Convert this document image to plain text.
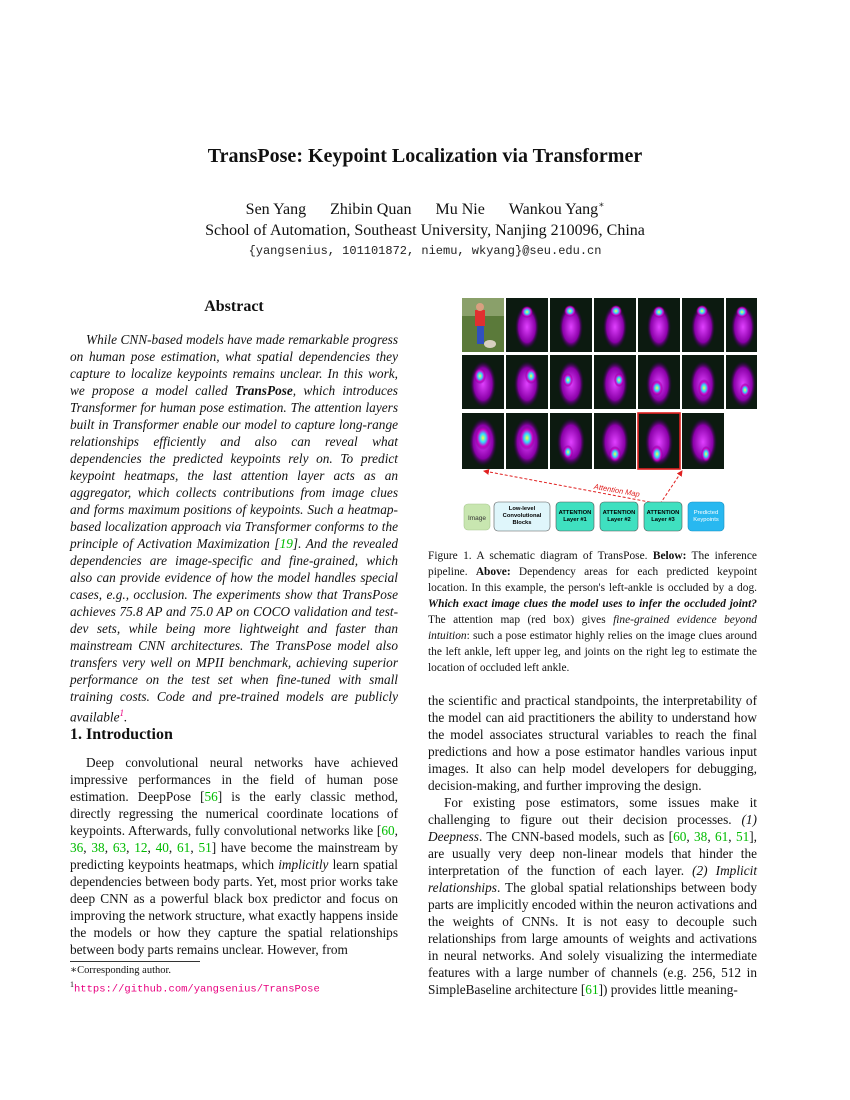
TransPose: Keypoint Localization via Transformer
Sen Yang Zhibin Quan Mu Nie Wankou Yang∗
School of Automation, Southeast University, Nanjing 210096, China
{yangsenius, 101101872, niemu, wkyang}@seu.edu.cn
Abstract

While CNN-based models have made remarkable progress on human pose estimation, what spatial dependencies they capture to localize keypoints remains unclear. In this work, we propose a model called TransPose, which introduces Transformer for human pose estimation. The attention layers built in Transformer enable our model to capture long-range relationships efficiently and also can reveal what dependencies the predicted keypoints rely on. To predict keypoint heatmaps, the last attention layer acts as an aggregator, which collects contributions from image clues and forms maximum positions of keypoints. Such a heatmap-based localization approach via Transformer conforms to the principle of Activation Maximization [19]. And the revealed dependencies are image-specific and fine-grained, which also can provide evidence of how the model handles special cases, e.g., occlusion. The experiments show that TransPose achieves 75.8 AP and 75.0 AP on COCO validation and test-dev sets, while being more lightweight and faster than mainstream CNN architectures. The TransPose model also transfers very well on MPII benchmark, achieving superior performance on the test set when fine-tuned with small training costs. Code and pre-trained models are publicly available$^1$.

1. Introduction

Deep convolutional neural networks have achieved impressive performances in the field of human pose estimation. DeepPose [56] is the early classic method, directly regressing the numerical coordinate locations of keypoints. Afterwards, fully convolutional networks like [60, 36, 38, 63, 12, 40, 61, 51] have become the mainstream by predicting keypoints heatmaps, which implicitly learn spatial dependencies between body parts. Yet, most prior works take deep CNN as a powerful black box predictor and focus on improving the network structure, what exactly happens inside the models or how they capture the spatial relationships between body parts remains unclear. However, from

∗Corresponding author.
$^1$https://github.com/yangsenius/TransPose
Attention Map
Image
Low-level
Convolutional
Blocks
ATTENTION
Layer #1
ATTENTION
Layer #2
ATTENTION
Layer #3
Predicted
Keypoints
Figure 1. A schematic diagram of TransPose. Below: The inference pipeline. Above: Dependency areas for each predicted keypoint location. In this example, the person's left-ankle is occluded by a dog. Which exact image clues the model uses to infer the occluded joint? The attention map (red box) gives fine-grained evidence beyond intuition: such a pose estimator highly relies on the image clues around the left ankle, left upper leg, and joints on the right leg to estimate the location of occluded left ankle.

the scientific and practical standpoints, the interpretability of the model can aid practitioners the ability to understand how the model associates structural variables to reach the final predictions and how a pose estimator handles various input images. It also can help model developers for debugging, decision-making, and further improving the design.

For existing pose estimators, some issues make it challenging to figure out their decision processes. (1) Deepness. The CNN-based models, such as [60, 38, 61, 51], are usually very deep non-linear models that hinder the interpretation of the function of each layer. (2) Implicit relationships. The global spatial relationships between body parts are implicitly encoded within the neuron activations and the weights of CNNs. It is not easy to decouple such relationships from large amounts of weights and activations in neural networks. And solely visualizing the intermediate features with a large number of channels (e.g. 256, 512 in SimpleBaseline architecture [61]) provides little meaning-
